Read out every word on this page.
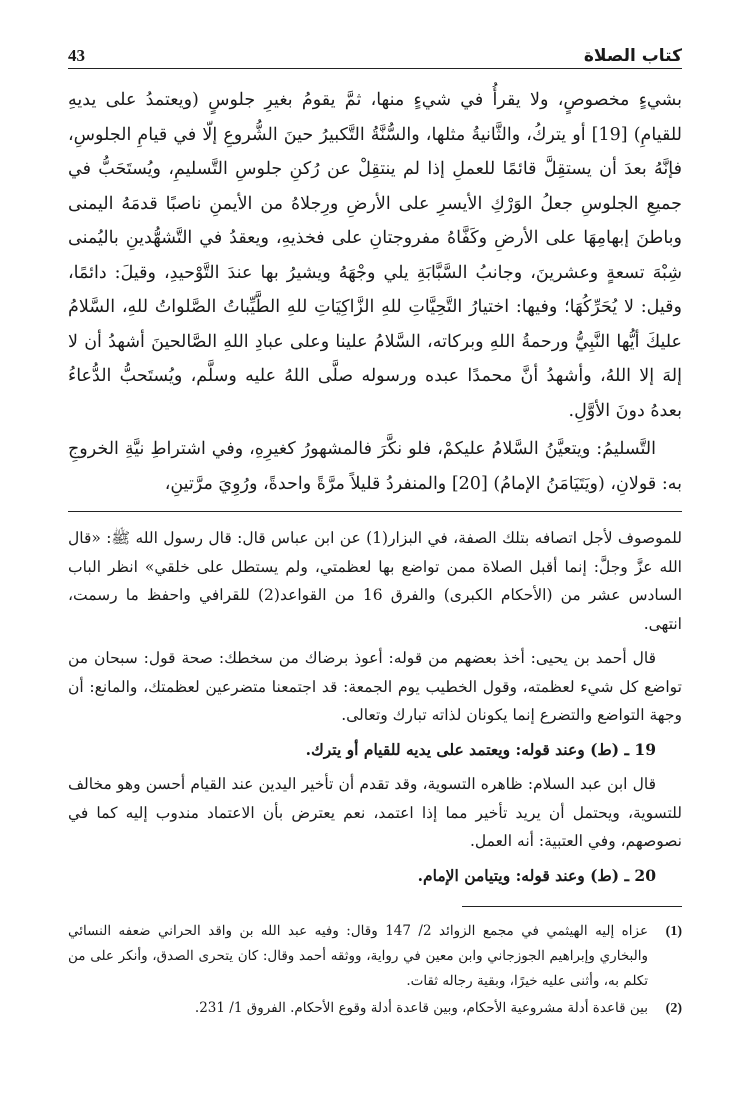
كتاب الصلاة
43

بشيءٍ مخصوصٍ، ولا يقرأُ في شيءٍ منها، ثمَّ يقومُ بغيرِ جلوسٍ (ويعتمدُ على يديهِ للقيامِ) [19] أو يتركُ، والثَّانيةُ مثلها، والسُّنَّةُ التَّكبيرُ حينَ الشُّروعِ إلّا في قيامِ الجلوسِ، فإنَّهُ بعدَ أن يستقِلَّ قائمًا للعملِ إذا لم ينتقِلْ عن رُكنِ جلوسِ التَّسليمِ، ويُستَحَبُّ في جميعِ الجلوسِ جعلُ الوَرْكِ الأيسرِ على الأرضِ ورِجلاهُ من الأيمنِ ناصبًا قدمَهُ اليمنى وباطنَ إبهامِهَا على الأرضِ وكَفَّاهُ مفروجتانِ على فخذيهِ، ويعقدُ في التَّشهُّدينِ باليُمنى شِبْهَ تسعةٍ وعشرينَ، وجانبُ السَّبَّابَةِ يلي وجْهَهُ ويشيرُ بها عندَ التَّوْحيدِ، وقيلَ: دائمًا، وقيل: لا يُحَرِّكُهَا؛ وفيها: اختيارُ التَّحِيَّاتِ للهِ الزَّاكِيَاتِ للهِ الطَّيِّباتُ الصَّلواتُ للهِ، السَّلامُ عليكَ أيُّها النَّبِيُّ ورحمةُ اللهِ وبركاته، السَّلامُ علينا وعلى عبادِ اللهِ الصَّالحينَ أشهدُ أن لا إلهَ إلا اللهُ، وأشهدُ أنَّ محمدًا عبده ورسوله صلَّى اللهُ عليه وسلَّم، ويُستَحبُّ الدُّعاءُ بعدهُ دونَ الأوَّلِ.

التَّسليمُ: ويتعيَّنُ السَّلامُ عليكمْ، فلو نكَّرَ فالمشهورُ كغيرِهِ، وفي اشتراطِ نيَّةِ الخروجِ به: قولانِ، (ويَتَيَامَنُ الإمامُ) [20] والمنفردُ قليلاً مرَّةً واحدةً، ورُوِيَ مرَّتينِ،

للموصوف لأجل اتصافه بتلك الصفة، في البزار(1) عن ابن عباس قال: قال رسول الله ﷺ: «قال الله عزَّ وجلَّ: إنما أقبل الصلاة ممن تواضع بها لعظمتي، ولم يستطل على خلقي» انظر الباب السادس عشر من (الأحكام الكبرى) والفرق 16 من القواعد(2) للقرافي واحفظ ما رسمت، انتهى.

قال أحمد بن يحيى: أخذ بعضهم من قوله: أعوذ برضاك من سخطك: صحة قول: سبحان من تواضع كل شيء لعظمته، وقول الخطيب يوم الجمعة: قد اجتمعنا متضرعين لعظمتك، والمانع: أن وجهة التواضع والتضرع إنما يكونان لذاته تبارك وتعالى.

19 ـ (ط) وعند قوله: ويعتمد على يديه للقيام أو يترك.

قال ابن عبد السلام: ظاهره التسوية، وقد تقدم أن تأخير اليدين عند القيام أحسن وهو مخالف للتسوية، ويحتمل أن يريد تأخير مما إذا اعتمد، نعم يعترض بأن الاعتماد مندوب إليه كما في نصوصهم، وفي العتبية: أنه العمل.

20 ـ (ط) وعند قوله: ويتيامن الإمام.

(1)
عزاه إليه الهيثمي في مجمع الزوائد 2/ 147 وقال: وفيه عبد الله بن واقد الحراني ضعفه النسائي والبخاري وإبراهيم الجوزجاني وابن معين في رواية، ووثقه أحمد وقال: كان يتحرى الصدق، وأنكر على من تكلم به، وأثنى عليه خيرًا، وبقية رجاله ثقات.
(2)
بين قاعدة أدلة مشروعية الأحكام، وبين قاعدة أدلة وقوع الأحكام. الفروق 1/ 231.
